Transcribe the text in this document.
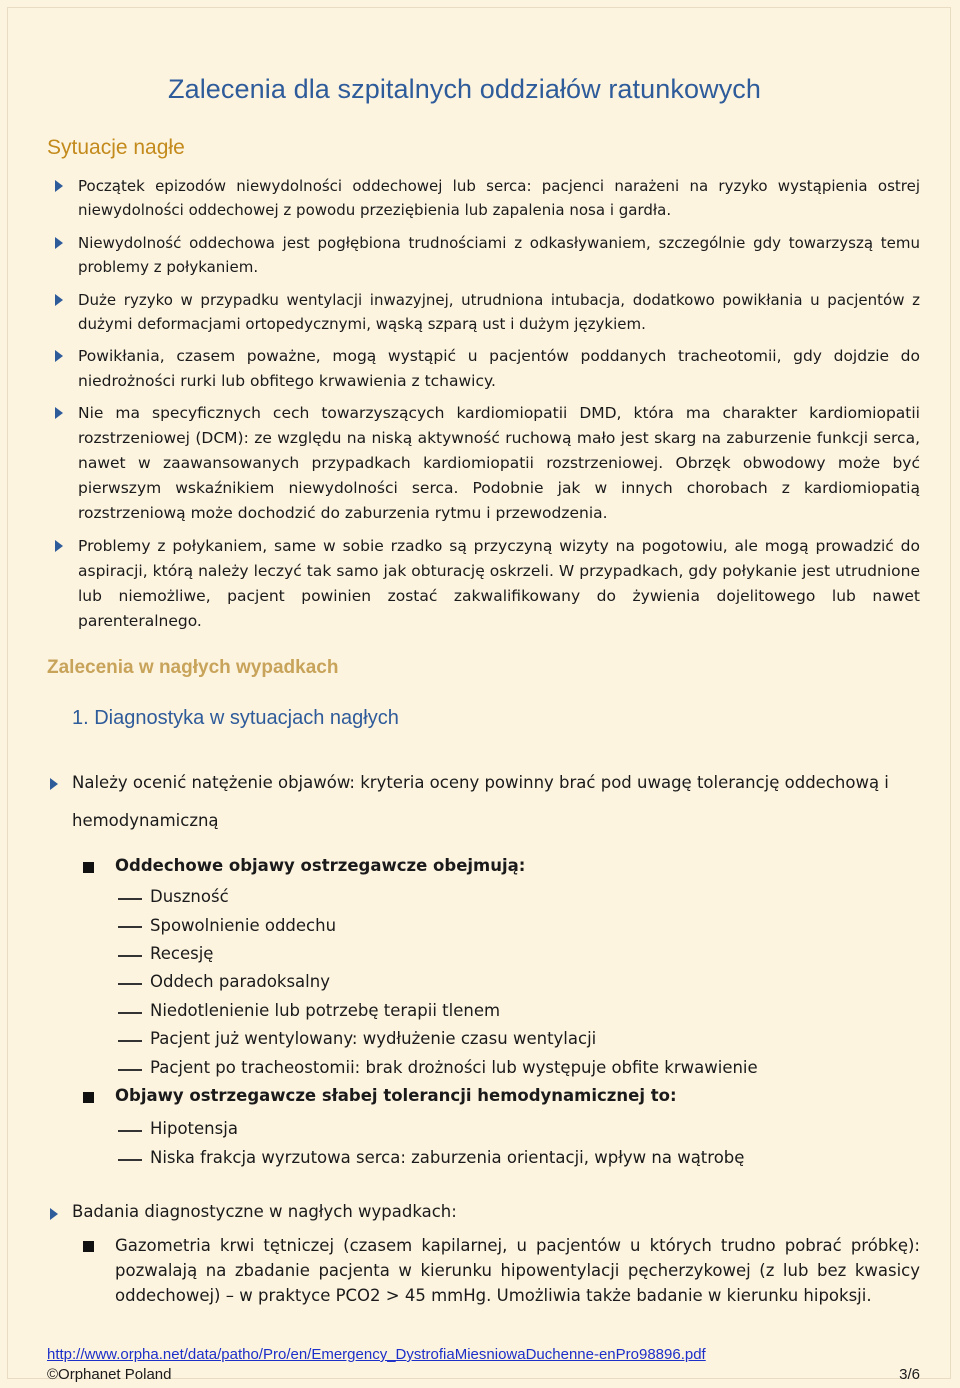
Zalecenia dla szpitalnych oddziałów ratunkowych
Sytuacje nagłe
Początek epizodów niewydolności oddechowej lub serca: pacjenci narażeni na ryzyko wystąpienia ostrej niewydolności oddechowej z powodu przeziębienia lub zapalenia nosa i gardła.
Niewydolność oddechowa jest pogłębiona trudnościami z odkasływaniem, szczególnie gdy towarzyszą temu problemy z połykaniem.
Duże ryzyko w przypadku wentylacji inwazyjnej, utrudniona intubacja, dodatkowo powikłania u pacjentów z dużymi deformacjami ortopedycznymi, wąską szparą ust i dużym językiem.
Powikłania, czasem poważne, mogą wystąpić u pacjentów poddanych tracheotomii, gdy dojdzie do niedrożności rurki lub obfitego krwawienia z tchawicy.
Nie ma specyficznych cech towarzyszących kardiomiopatii DMD, która ma charakter kardiomiopatii rozstrzeniowej (DCM): ze względu na niską aktywność ruchową mało jest skarg na zaburzenie funkcji serca, nawet w zaawansowanych przypadkach kardiomiopatii rozstrzeniowej. Obrzęk obwodowy może być pierwszym wskaźnikiem niewydolności serca. Podobnie jak w innych chorobach z kardiomiopatią rozstrzeniową może dochodzić do zaburzenia rytmu i przewodzenia.
Problemy z połykaniem, same w sobie rzadko są przyczyną wizyty na pogotowiu, ale mogą prowadzić do aspiracji, którą należy leczyć tak samo jak obturację oskrzeli. W przypadkach, gdy połykanie jest utrudnione lub niemożliwe, pacjent powinien zostać zakwalifikowany do żywienia dojelitowego lub nawet parenteralnego.
Zalecenia w nagłych wypadkach
1. Diagnostyka w sytuacjach nagłych
Należy ocenić natężenie objawów: kryteria oceny powinny brać pod uwagę tolerancję oddechową i
hemodynamiczną
Oddechowe objawy ostrzegawcze obejmują:
Duszność
Spowolnienie oddechu
Recesję
Oddech paradoksalny
Niedotlenienie lub potrzebę terapii tlenem
Pacjent już wentylowany: wydłużenie czasu wentylacji
Pacjent po tracheostomii: brak drożności lub występuje obfite krwawienie
Objawy ostrzegawcze słabej tolerancji hemodynamicznej to:
Hipotensja
Niska frakcja wyrzutowa serca: zaburzenia orientacji, wpływ na wątrobę
Badania diagnostyczne w nagłych wypadkach:
Gazometria krwi tętniczej (czasem kapilarnej, u pacjentów u których trudno pobrać próbkę): pozwalają na zbadanie pacjenta w kierunku hipowentylacji pęcherzykowej (z lub bez kwasicy oddechowej) – w praktyce PCO2 > 45 mmHg. Umożliwia także badanie w kierunku hipoksji.
http://www.orpha.net/data/patho/Pro/en/Emergency_DystrofiaMiesniowaDuchenne-enPro98896.pdf
©Orphanet Poland	3/6
